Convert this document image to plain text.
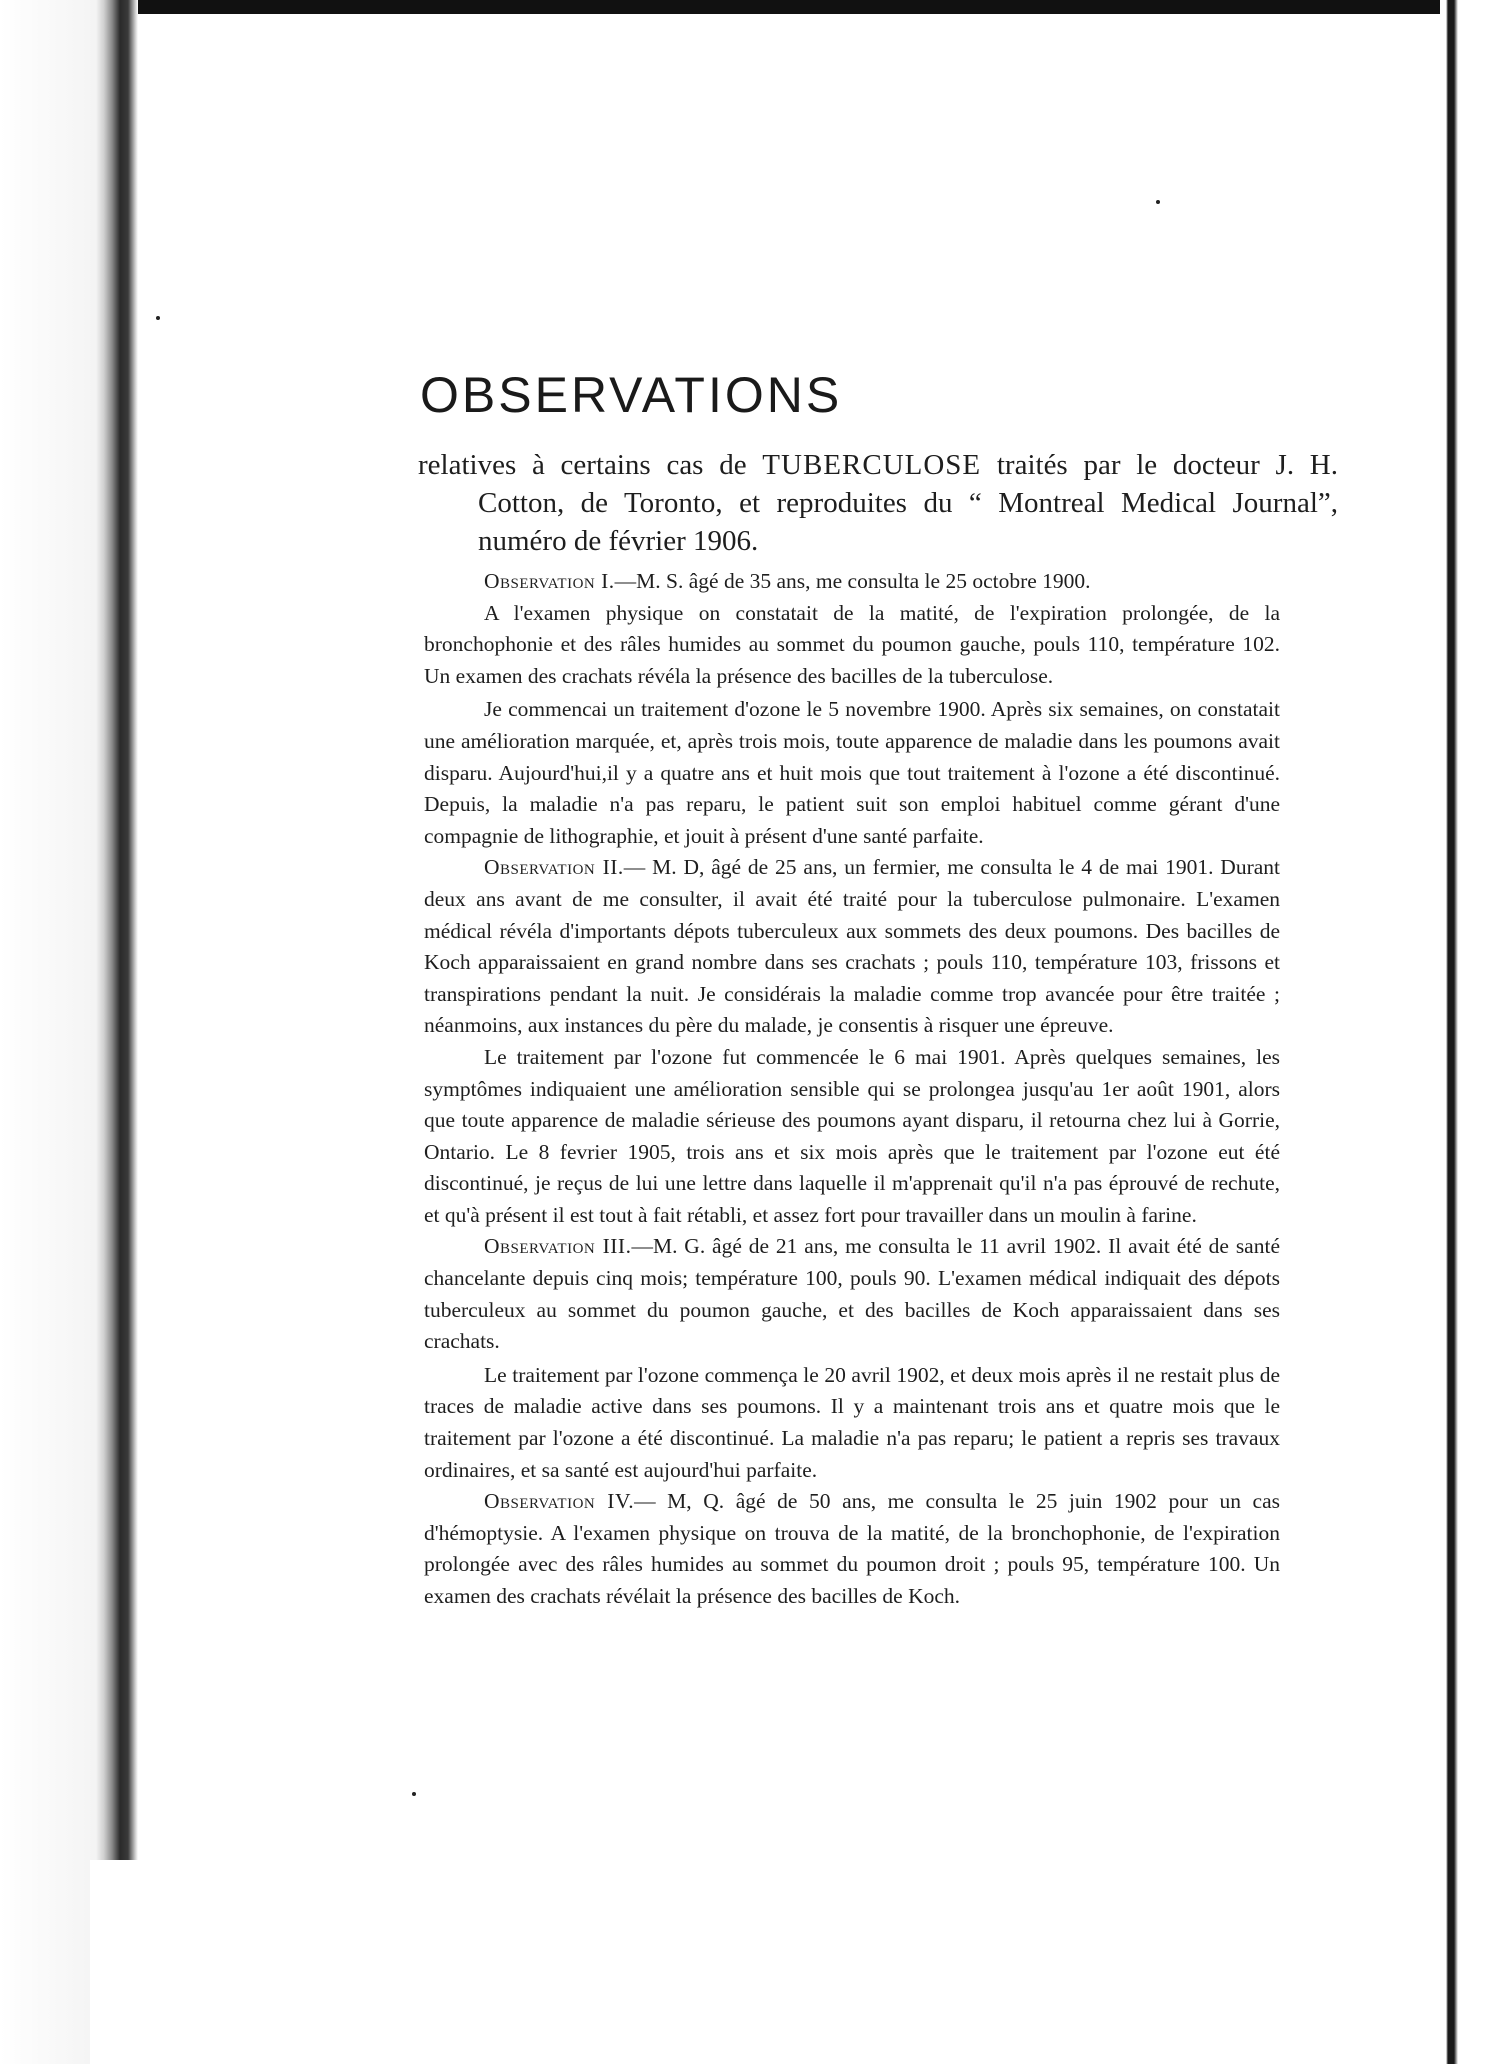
OBSERVATIONS

relatives à certains cas de TUBERCULOSE traités par le docteur J. H. Cotton, de Toronto, et reproduites du “ Montreal Medical Journal”, numéro de février 1906.

Observation I.—M. S. âgé de 35 ans, me consulta le 25 octobre 1900.

A l'examen physique on constatait de la matité, de l'expiration prolongée, de la bronchophonie et des râles humides au sommet du poumon gauche, pouls 110, température 102. Un examen des crachats révéla la présence des bacilles de la tuberculose.

Je commencai un traitement d'ozone le 5 novembre 1900. Après six semaines, on constatait une amélioration marquée, et, après trois mois, toute apparence de maladie dans les poumons avait disparu. Aujourd'hui,il y a quatre ans et huit mois que tout traitement à l'ozone a été discontinué. Depuis, la maladie n'a pas reparu, le patient suit son emploi habituel comme gérant d'une compagnie de lithographie, et jouit à présent d'une santé parfaite.

Observation II.— M. D, âgé de 25 ans, un fermier, me consulta le 4 de mai 1901. Durant deux ans avant de me consulter, il avait été traité pour la tuberculose pulmonaire. L'examen médical révéla d'importants dépots tuberculeux aux sommets des deux poumons. Des bacilles de Koch apparaissaient en grand nombre dans ses crachats ; pouls 110, température 103, frissons et transpirations pendant la nuit. Je considérais la maladie comme trop avancée pour être traitée ; néanmoins, aux instances du père du malade, je consentis à risquer une épreuve.

Le traitement par l'ozone fut commencée le 6 mai 1901. Après quelques semaines, les symptômes indiquaient une amélioration sensible qui se prolongea jusqu'au 1er août 1901, alors que toute apparence de maladie sérieuse des poumons ayant disparu, il retourna chez lui à Gorrie, Ontario. Le 8 fevrier 1905, trois ans et six mois après que le traitement par l'ozone eut été discontinué, je reçus de lui une lettre dans laquelle il m'apprenait qu'il n'a pas éprouvé de rechute, et qu'à présent il est tout à fait rétabli, et assez fort pour travailler dans un moulin à farine.

Observation III.—M. G. âgé de 21 ans, me consulta le 11 avril 1902. Il avait été de santé chancelante depuis cinq mois; température 100, pouls 90. L'examen médical indiquait des dépots tuberculeux au sommet du poumon gauche, et des bacilles de Koch apparaissaient dans ses crachats.

Le traitement par l'ozone commença le 20 avril 1902, et deux mois après il ne restait plus de traces de maladie active dans ses poumons. Il y a maintenant trois ans et quatre mois que le traitement par l'ozone a été discontinué. La maladie n'a pas reparu; le patient a repris ses travaux ordinaires, et sa santé est aujourd'hui parfaite.

Observation IV.— M, Q. âgé de 50 ans, me consulta le 25 juin 1902 pour un cas d'hémoptysie. A l'examen physique on trouva de la matité, de la bronchophonie, de l'expiration prolongée avec des râles humides au sommet du poumon droit ; pouls 95, température 100. Un examen des crachats révélait la présence des bacilles de Koch.
